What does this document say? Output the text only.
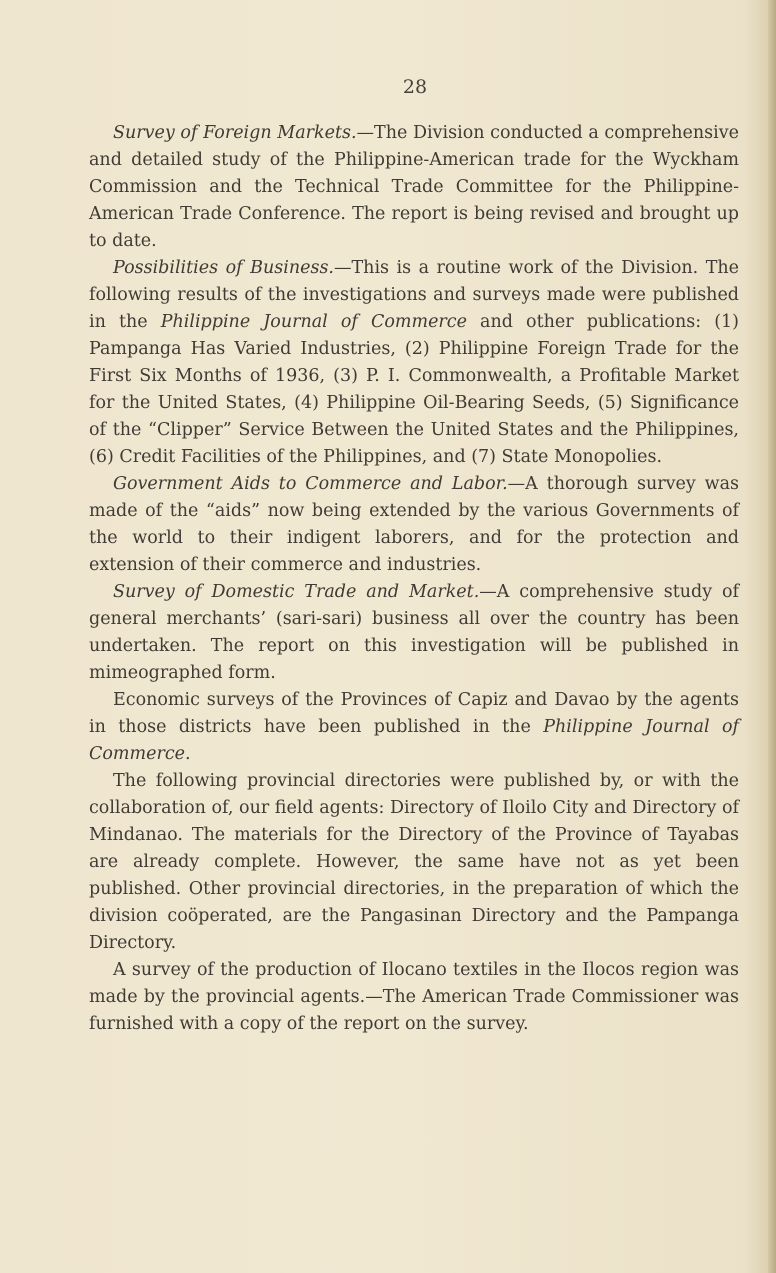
28

Survey of Foreign Markets.—The Division conducted a comprehensive and detailed study of the Philippine-American trade for the Wyckham Commission and the Technical Trade Committee for the Philippine-American Trade Conference. The report is being revised and brought up to date.

Possibilities of Business.—This is a routine work of the Division. The following results of the investigations and surveys made were published in the Philippine Journal of Commerce and other publications: (1) Pampanga Has Varied Industries, (2) Philippine Foreign Trade for the First Six Months of 1936, (3) P. I. Commonwealth, a Profitable Market for the United States, (4) Philippine Oil-Bearing Seeds, (5) Significance of the “Clipper” Service Between the United States and the Philippines, (6) Credit Facilities of the Philippines, and (7) State Monopolies.

Government Aids to Commerce and Labor.—A thorough survey was made of the “aids” now being extended by the various Governments of the world to their indigent laborers, and for the protection and extension of their commerce and industries.

Survey of Domestic Trade and Market.—A comprehensive study of general merchants’ (sari-sari) business all over the country has been undertaken. The report on this investigation will be published in mimeographed form.

Economic surveys of the Provinces of Capiz and Davao by the agents in those districts have been published in the Philippine Journal of Commerce.

The following provincial directories were published by, or with the collaboration of, our field agents: Directory of Iloilo City and Directory of Mindanao. The materials for the Directory of the Province of Tayabas are already complete. However, the same have not as yet been published. Other provincial directories, in the preparation of which the division coöperated, are the Pangasinan Directory and the Pampanga Directory.

A survey of the production of Ilocano textiles in the Ilocos region was made by the provincial agents.—The American Trade Commissioner was furnished with a copy of the report on the survey.
